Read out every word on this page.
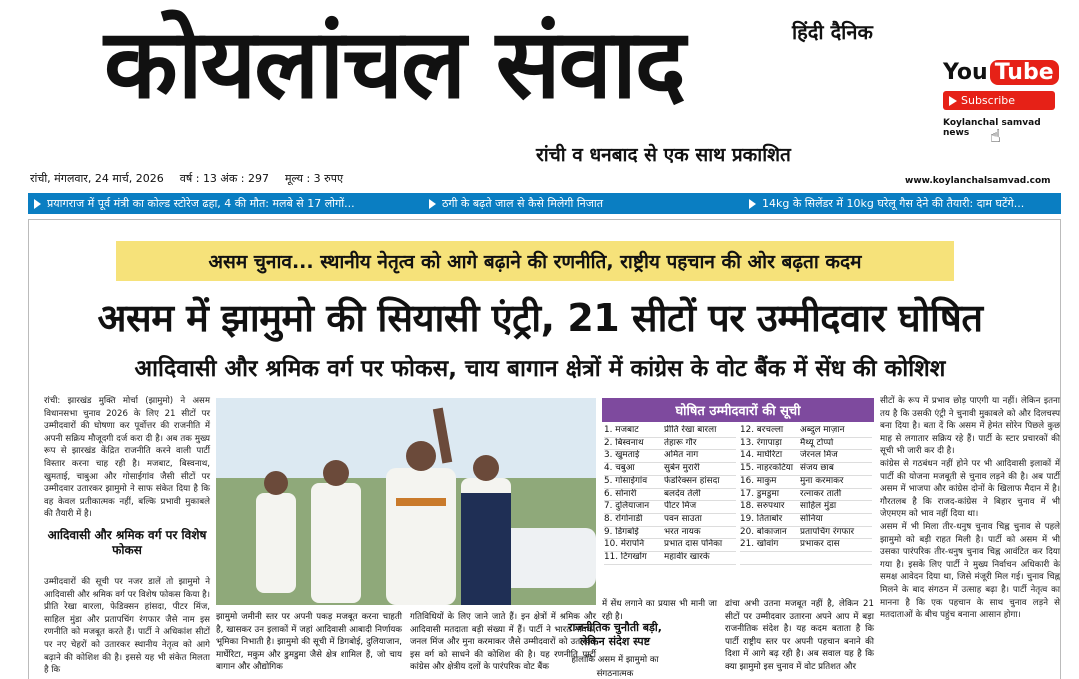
हिंदी दैनिक
कोयलांचल संवाद
रांची व धनबाद से एक साथ प्रकाशित
You Tube
Subscribe
Koylanchal samvad news	☝
रांची, मंगलवार, 24 मार्च, 2026 वर्ष : 13 अंक : 297 मूल्य : 3 रुपए	www.koylanchalsamvad.com
प्रयागराज में पूर्व मंत्री का कोल्ड स्टोरेज ढहा, 4 की मौत: मलबे से 17 लोगों...	ठगी के बढ़ते जाल से कैसे मिलेगी निजात	14kg के सिलेंडर में 10kg घरेलू गैस देने की तैयारी: दाम घटेंगे...
असम चुनाव... स्थानीय नेतृत्व को आगे बढ़ाने की रणनीति, राष्ट्रीय पहचान की ओर बढ़ता कदम
असम में झामुमो की सियासी एंट्री, 21 सीटों पर उम्मीदवार घोषित
आदिवासी और श्रमिक वर्ग पर फोकस, चाय बागान क्षेत्रों में कांग्रेस के वोट बैंक में सेंध की कोशिश
रांची: झारखंड मुक्ति मोर्चा (झामुमो) ने असम विधानसभा चुनाव 2026 के लिए 21 सीटों पर उम्मीदवारों की घोषणा कर पूर्वोत्तर की राजनीति में अपनी सक्रिय मौजूदगी दर्ज करा दी है। अब तक मुख्य रूप से झारखंड केंद्रित राजनीति करने वाली पार्टी विस्तार करना चाह रही है। मजबाट, बिस्वनाथ, खुमताई, चाबुआ और गोसाईगांव जैसी सीटों पर उम्मीदवार उतारकर झामुमो ने साफ संकेत दिया है कि वह केवल प्रतीकात्मक नहीं, बल्कि प्रभावी मुकाबले की तैयारी में है।
आदिवासी और श्रमिक वर्ग पर विशेष फोकस
उम्मीदवारों की सूची पर नजर डालें तो झामुमो ने आदिवासी और श्रमिक वर्ग पर विशेष फोकस किया है। प्रीति रेखा बारला, फेडिक्सन हांसदा, पीटर मिंज, साहिल मुंडा और प्रतापचिंग रंगफार जैसे नाम इस रणनीति को मजबूत करते हैं। पार्टी ने अधिकांश सीटों पर नए चेहरों को उतारकर स्थानीय नेतृत्व को आगे बढ़ाने की कोशिश की है। इससे यह भी संकेत मिलता है कि
झामुमो जमीनी स्तर पर अपनी पकड़ मजबूत करना चाहती है, खासकर उन इलाकों में जहां आदिवासी आबादी निर्णायक भूमिका निभाती है। झामुमो की सूची में डिगबोई, दुलियाजान, मार्घेरिटा, मकुम और डुमडुमा जैसे क्षेत्र शामिल हैं, जो चाय बागान और औद्योगिक
गतिविधियों के लिए जाने जाते हैं। इन क्षेत्रों में श्रमिक और आदिवासी मतदाता बड़ी संख्या में हैं। पार्टी ने भारत नायक, जनल मिंज और मुना करमाकर जैसे उम्मीदवारों को उतारकर इस वर्ग को साधने की कोशिश की है। यह रणनीति पार्टी कांग्रेस और क्षेत्रीय दलों के पारंपरिक वोट बैंक
घोषित उम्मीदवारों की सूची
1. मजबाट	प्रीति रेखा बारला	12. बरचल्ला	अब्दुल माज़ान
2. बिस्वनाथ	तेहारू गौर	13. रंगापाड़ा	मैथ्यू टोप्पो
3. खुमताई	अमित नाग	14. मार्घेरिटा	जेरनल मिंज
4. चबुआ	सुबेन मुरारी	15. नाहरकटिया संजय छाब
5. गोसाईगांव	फेडरिक्सन हांसदा	16. माकुम	मुना करमाकर
6. सोनारी	बलदेव तेली	17. डुमडुमा	रत्नाकर ताती
7. दुलियाजान	पीटर मिंज	18. सरुपथार	साहिल मुंडा
8. रोंगोनाडी	पवन साउता	19. तिताबोर	सोनिया
9. डिगबोई	भरत नायक	20. बोकाजान	प्रतापचिंग रंगफार
10. मेरापनि	प्रभात दास पनिका	21. खोवांग	प्रभाकर दास
11. टिंगखोंग	महावीर खारके
में सेंध लगाने का प्रयास भी मानी जा रही है।
ढांचा अभी उतना मजबूत नहीं है, लेकिन 21 सीटों पर उम्मीदवार उतारना अपने आप में बड़ा राजनीतिक संदेश है। यह कदम बताता है कि पार्टी राष्ट्रीय स्तर पर अपनी पहचान बनाने की दिशा में आगे बढ़ रही है। अब सवाल यह है कि क्या झामुमो इस चुनाव में वोट प्रतिशत और
राजनीतिक चुनौती बड़ी, लेकिन संदेश स्पष्ट
हालांकि असम में झामुमो का संगठनात्मक
सीटों के रूप में प्रभाव छोड़ पाएगी या नहीं। लेकिन इतना तय है कि उसकी एंट्री ने चुनावी मुकाबले को और दिलचस्प बना दिया है। बता दें कि असम में हेमंत सोरेन पिछले कुछ माह से लगातार सक्रिय रहे हैं। पार्टी के स्टार प्रचारकों की सूची भी जारी कर दी है।
कांग्रेस से गठबंधन नहीं होने पर भी आदिवासी इलाकों में पार्टी की योजना मजबूती से चुनाव लड़ने की है। अब पार्टी असम में भाजपा और कांग्रेस दोनों के खिलाफ मैदान में है। गौरतलब है कि राजद-कांग्रेस ने बिहार चुनाव में भी जेएमएम को भाव नहीं दिया था।
असम में भी मिला तीर-धनुष चुनाव चिह्न चुनाव से पहले झामुमो को बड़ी राहत मिली है। पार्टी को असम में भी उसका पारंपरिक तीर-धनुष चुनाव चिह्न आवंटित कर दिया गया है। इसके लिए पार्टी ने मुख्य निर्वाचन अधिकारी के समक्ष आवेदन दिया था, जिसे मंजूरी मिल गई। चुनाव चिह्न मिलने के बाद संगठन में उत्साह बढ़ा है। पार्टी नेतृत्व का मानना है कि एक पहचान के साथ चुनाव लड़ने से मतदाताओं के बीच पहुंच बनाना आसान होगा।
